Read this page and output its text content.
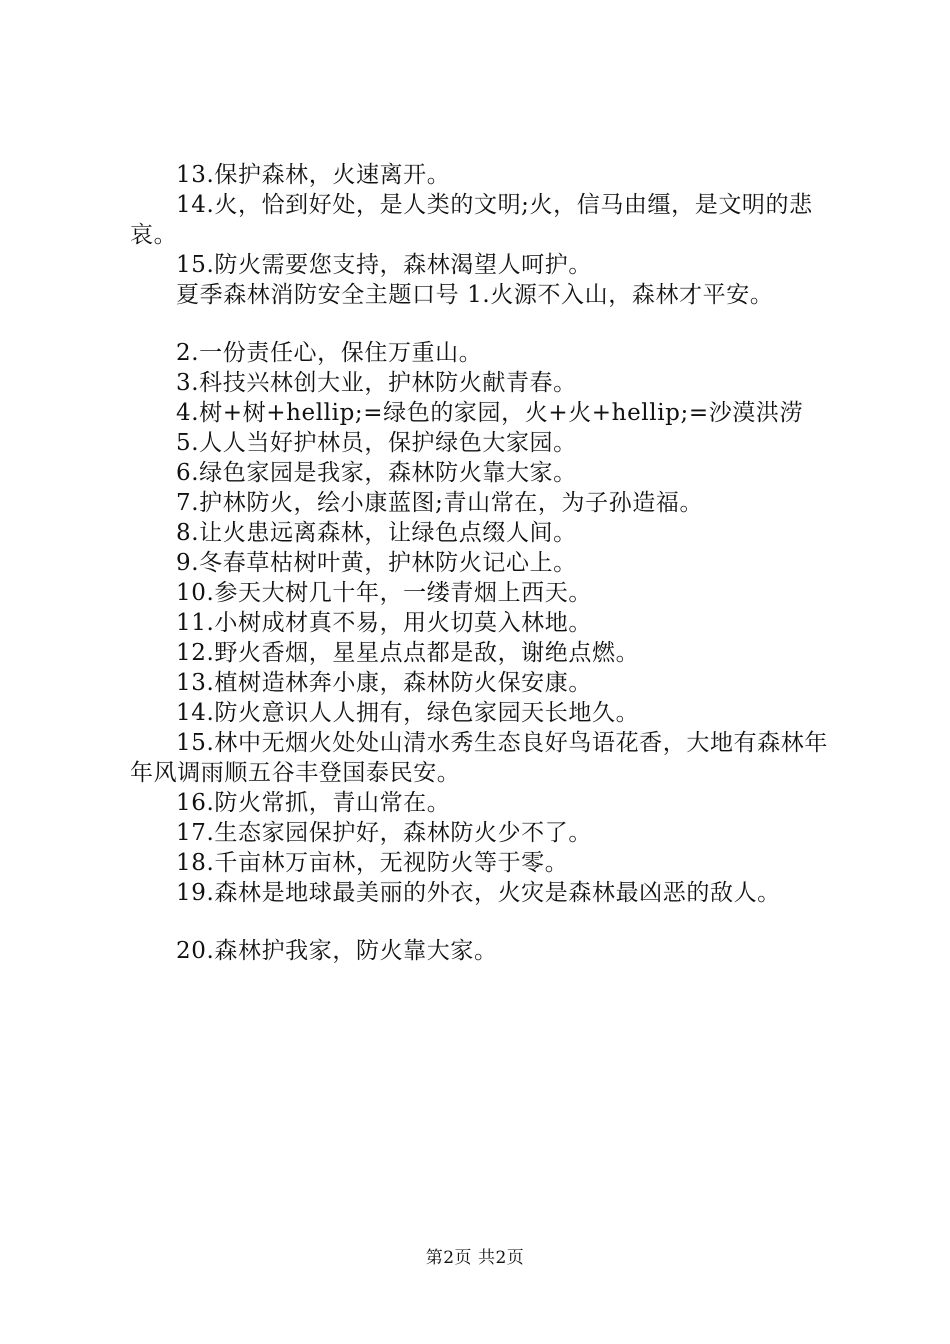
13.保护森林，火速离开。

14.火，恰到好处，是人类的文明;火，信马由缰，是文明的悲哀。

15.防火需要您支持，森林渴望人呵护。

夏季森林消防安全主题口号 1.火源不入山，森林才平安。

2.一份责任心，保住万重山。

3.科技兴林创大业，护林防火献青春。

4.树+树+hellip;=绿色的家园，火+火+hellip;=沙漠洪涝

5.人人当好护林员，保护绿色大家园。

6.绿色家园是我家，森林防火靠大家。

7.护林防火，绘小康蓝图;青山常在，为子孙造福。

8.让火患远离森林，让绿色点缀人间。

9.冬春草枯树叶黄，护林防火记心上。

10.参天大树几十年，一缕青烟上西天。

11.小树成材真不易，用火切莫入林地。

12.野火香烟，星星点点都是敌，谢绝点燃。

13.植树造林奔小康，森林防火保安康。

14.防火意识人人拥有，绿色家园天长地久。

15.林中无烟火处处山清水秀生态良好鸟语花香，大地有森林年年风调雨顺五谷丰登国泰民安。

16.防火常抓，青山常在。

17.生态家园保护好，森林防火少不了。

18.千亩林万亩林，无视防火等于零。

19.森林是地球最美丽的外衣，火灾是森林最凶恶的敌人。

20.森林护我家，防火靠大家。

第2页 共2页
